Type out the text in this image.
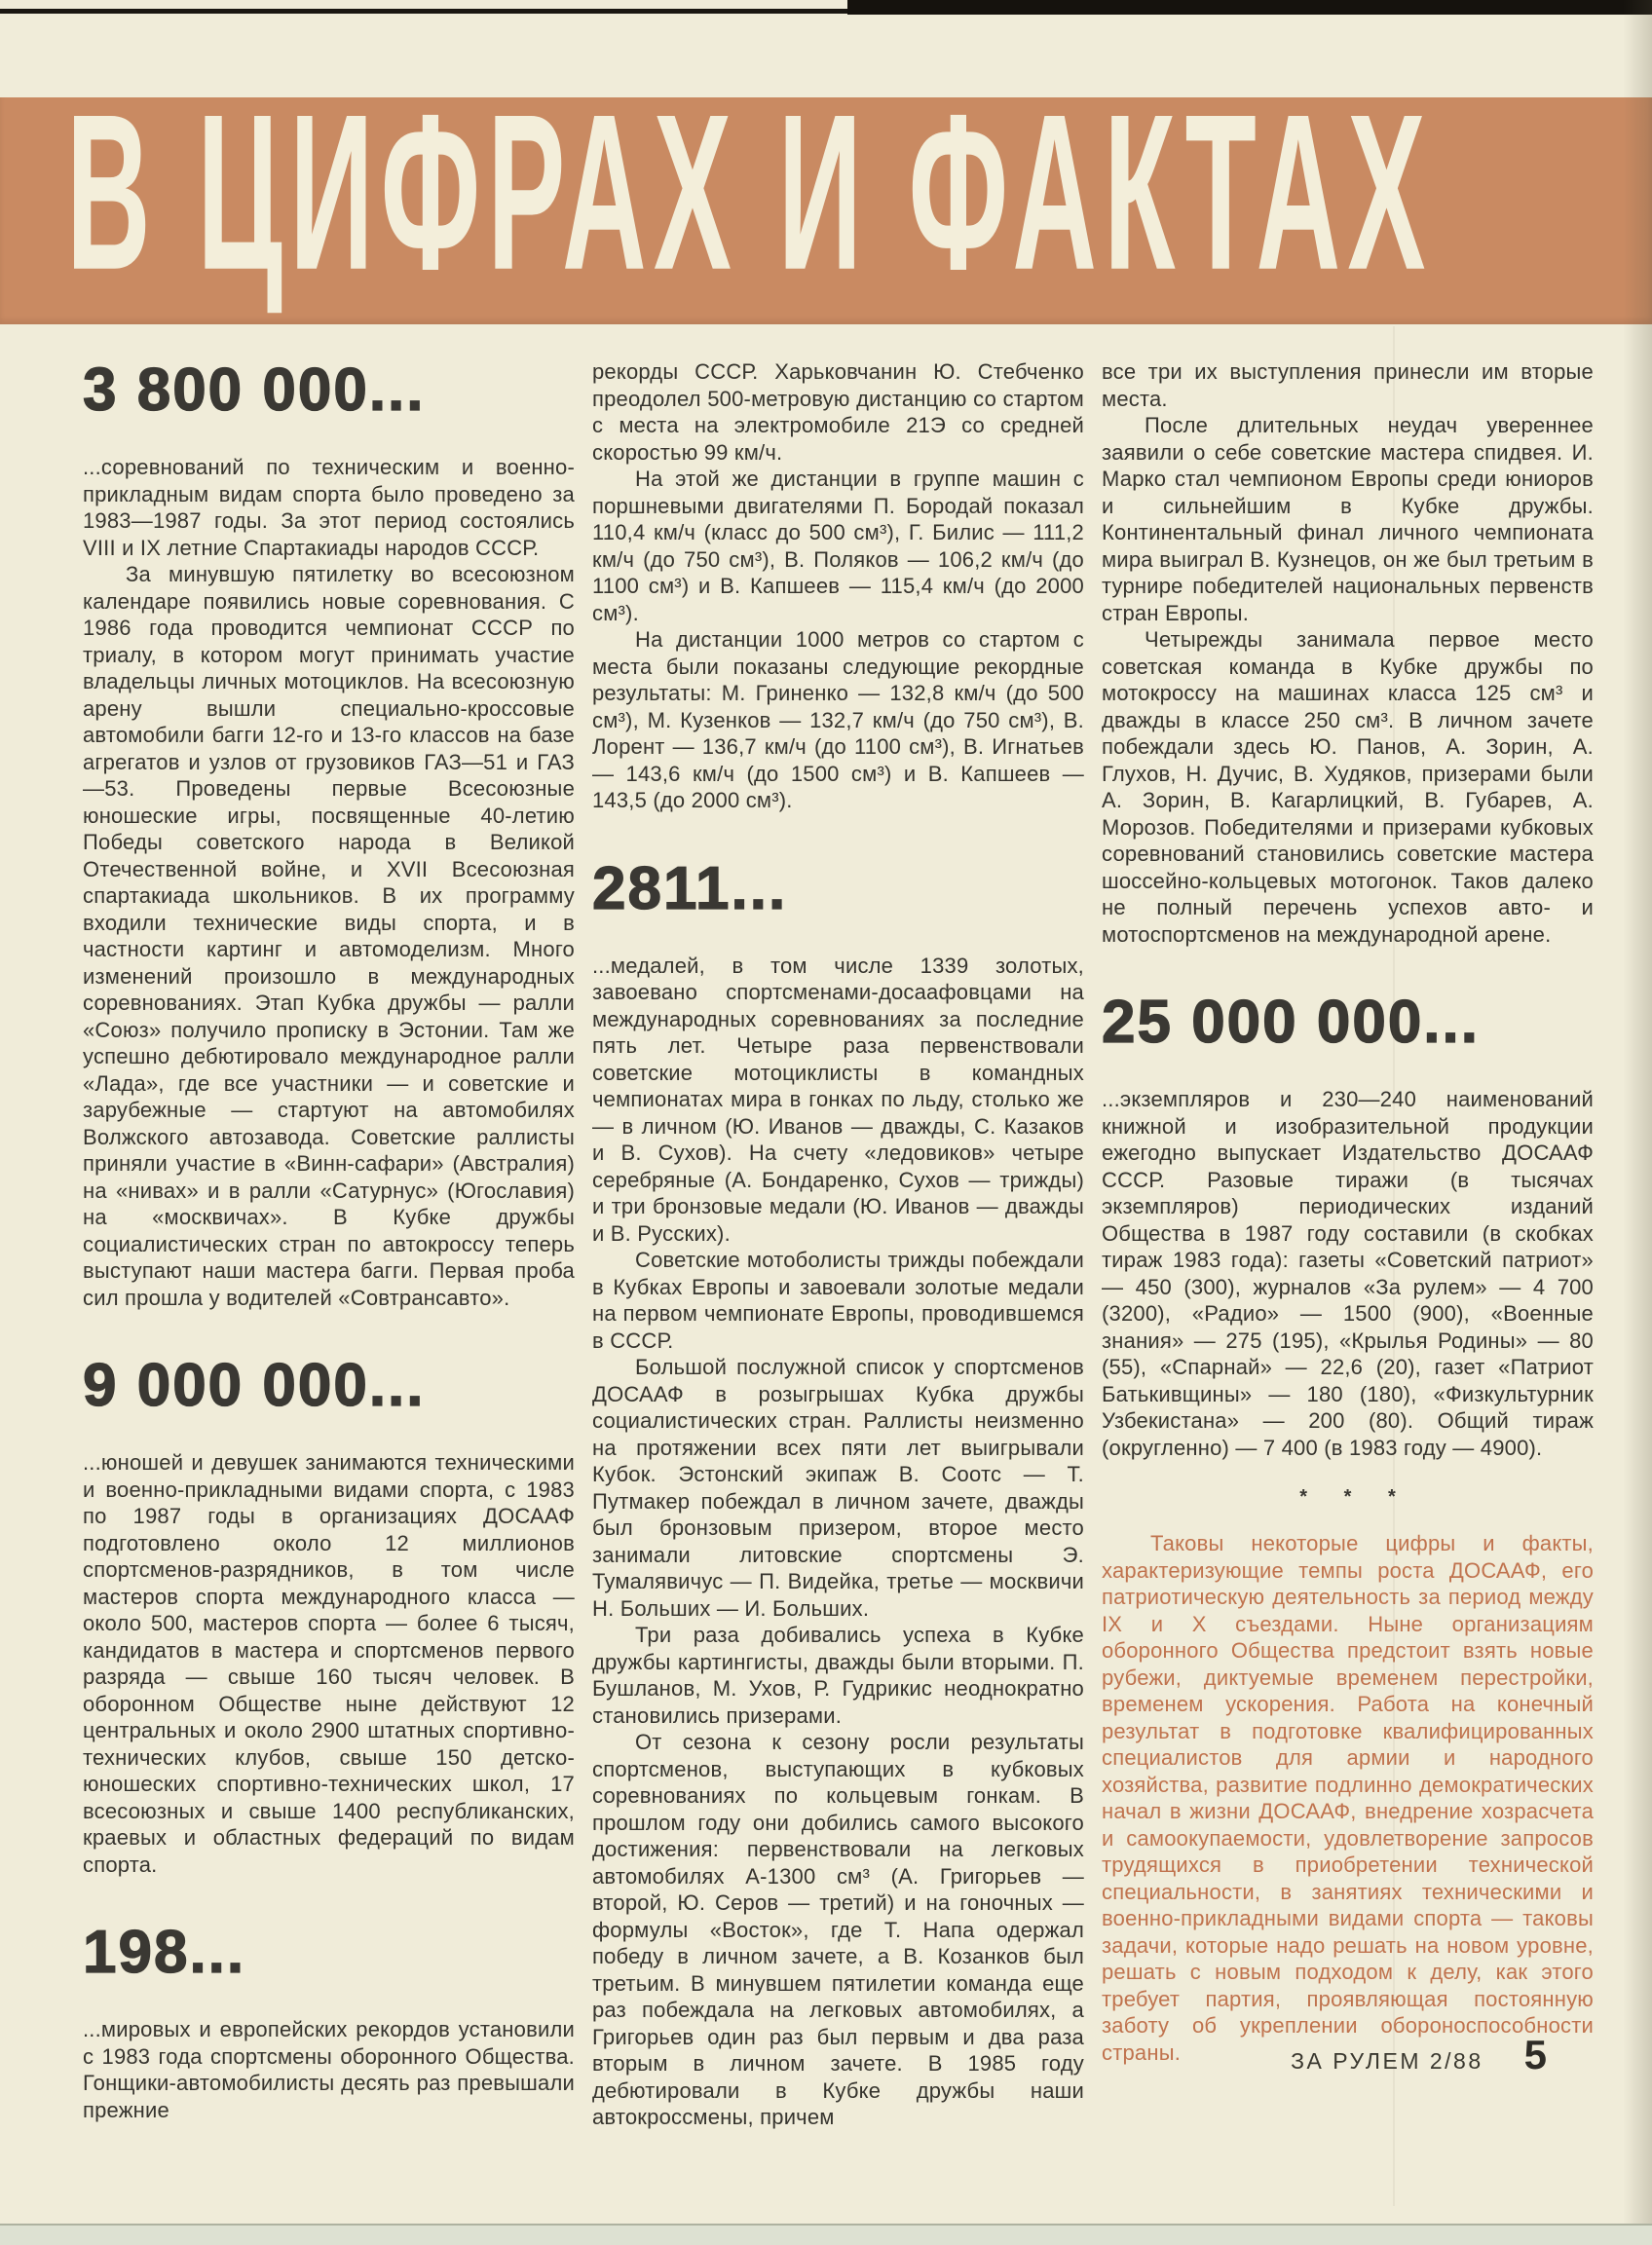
В ЦИФРАХ И ФАКТАХ
3 800 000...

...соревнований по техническим и военно-прикладным видам спорта было проведено за 1983—1987 годы. За этот период состоялись VIII и IX летние Спартакиады народов СССР.

За минувшую пятилетку во всесоюзном календаре появились новые соревнования. С 1986 года проводится чемпионат СССР по триалу, в котором могут принимать участие владельцы личных мотоциклов. На всесоюзную арену вышли специально-кроссовые автомобили багги 12-го и 13-го классов на базе агрегатов и узлов от грузовиков ГАЗ—51 и ГАЗ—53. Проведены первые Всесоюзные юношеские игры, посвященные 40-летию Победы советского народа в Великой Отечественной войне, и XVII Всесоюзная спартакиада школьников. В их программу входили технические виды спорта, и в частности картинг и автомоделизм. Много изменений произошло в международных соревнованиях. Этап Кубка дружбы — ралли «Союз» получило прописку в Эстонии. Там же успешно дебютировало международное ралли «Лада», где все участники — и советские и зарубежные — стартуют на автомобилях Волжского автозавода. Советские раллисты приняли участие в «Винн-сафари» (Австралия) на «нивах» и в ралли «Сатурнус» (Югославия) на «москвичах». В Кубке дружбы социалистических стран по автокроссу теперь выступают наши мастера багги. Первая проба сил прошла у водителей «Совтрансавто».

9 000 000...

...юношей и девушек занимаются техническими и военно-прикладными видами спорта, с 1983 по 1987 годы в организациях ДОСААФ подготовлено около 12 миллионов спортсменов-разрядников, в том числе мастеров спорта международного класса — около 500, мастеров спорта — более 6 тысяч, кандидатов в мастера и спортсменов первого разряда — свыше 160 тысяч человек. В оборонном Обществе ныне действуют 12 центральных и около 2900 штатных спортивно-технических клубов, свыше 150 детско-юношеских спортивно-технических школ, 17 всесоюзных и свыше 1400 республиканских, краевых и областных федераций по видам спорта.

198...

...мировых и европейских рекордов установили с 1983 года спортсмены оборонного Общества. Гонщики-автомобилисты десять раз превышали прежние

рекорды СССР. Харьковчанин Ю. Стебченко преодолел 500-метровую дистанцию со стартом с места на электромобиле 21Э со средней скоростью 99 км/ч.

На этой же дистанции в группе машин с поршневыми двигателями П. Бородай показал 110,4 км/ч (класс до 500 см³), Г. Билис — 111,2 км/ч (до 750 см³), В. Поляков — 106,2 км/ч (до 1100 см³) и В. Капшеев — 115,4 км/ч (до 2000 см³).

На дистанции 1000 метров со стартом с места были показаны следующие рекордные результаты: М. Гриненко — 132,8 км/ч (до 500 см³), М. Кузенков — 132,7 км/ч (до 750 см³), В. Лорент — 136,7 км/ч (до 1100 см³), В. Игнатьев — 143,6 км/ч (до 1500 см³) и В. Капшеев — 143,5 (до 2000 см³).

2811...

...медалей, в том числе 1339 золотых, завоевано спортсменами-досаафовцами на международных соревнованиях за последние пять лет. Четыре раза первенствовали советские мотоциклисты в командных чемпионатах мира в гонках по льду, столько же — в личном (Ю. Иванов — дважды, С. Казаков и В. Сухов). На счету «ледовиков» четыре серебряные (А. Бондаренко, Сухов — трижды) и три бронзовые медали (Ю. Иванов — дважды и В. Русских).

Советские мотоболисты трижды побеждали в Кубках Европы и завоевали золотые медали на первом чемпионате Европы, проводившемся в СССР.

Большой послужной список у спортсменов ДОСААФ в розыгрышах Кубка дружбы социалистических стран. Раллисты неизменно на протяжении всех пяти лет выигрывали Кубок. Эстонский экипаж В. Соотс — Т. Путмакер побеждал в личном зачете, дважды был бронзовым призером, второе место занимали литовские спортсмены Э. Тумалявичус — П. Видейка, третье — москвичи Н. Больших — И. Больших.

Три раза добивались успеха в Кубке дружбы картингисты, дважды были вторыми. П. Бушланов, М. Ухов, Р. Гудрикис неоднократно становились призерами.

От сезона к сезону росли результаты спортсменов, выступающих в кубковых соревнованиях по кольцевым гонкам. В прошлом году они добились самого высокого достижения: первенствовали на легковых автомобилях А-1300 см³ (А. Григорьев — второй, Ю. Серов — третий) и на гоночных — формулы «Восток», где Т. Напа одержал победу в личном зачете, а В. Козанков был третьим. В минувшем пятилетии команда еще раз побеждала на легковых автомобилях, а Григорьев один раз был первым и два раза вторым в личном зачете. В 1985 году дебютировали в Кубке дружбы наши автокроссмены, причем

все три их выступления принесли им вторые места.

После длительных неудач увереннее заявили о себе советские мастера спидвея. И. Марко стал чемпионом Европы среди юниоров и сильнейшим в Кубке дружбы. Континентальный финал личного чемпионата мира выиграл В. Кузнецов, он же был третьим в турнире победителей национальных первенств стран Европы.

Четырежды занимала первое место советская команда в Кубке дружбы по мотокроссу на машинах класса 125 см³ и дважды в классе 250 см³. В личном зачете побеждали здесь Ю. Панов, А. Зорин, А. Глухов, Н. Дучис, В. Худяков, призерами были А. Зорин, В. Кагарлицкий, В. Губарев, А. Морозов. Победителями и призерами кубковых соревнований становились советские мастера шоссейно-кольцевых мотогонок. Таков далеко не полный перечень успехов авто- и мотоспортсменов на международной арене.

25 000 000...

...экземпляров и 230—240 наименований книжной и изобразительной продукции ежегодно выпускает Издательство ДОСААФ СССР. Разовые тиражи (в тысячах экземпляров) периодических изданий Общества в 1987 году составили (в скобках тираж 1983 года): газеты «Советский патриот» — 450 (300), журналов «За рулем» — 4 700 (3200), «Радио» — 1500 (900), «Военные знания» — 275 (195), «Крылья Родины» — 80 (55), «Спарнай» — 22,6 (20), газет «Патриот Батькивщины» — 180 (180), «Физкультурник Узбекистана» — 200 (80). Общий тираж (округленно) — 7 400 (в 1983 году — 4900).

* * *

Таковы некоторые цифры и факты, характеризующие темпы роста ДОСААФ, его патриотическую деятельность за период между IX и X съездами. Ныне организациям оборонного Общества предстоит взять новые рубежи, диктуемые временем перестройки, временем ускорения. Работа на конечный результат в подготовке квалифицированных специалистов для армии и народного хозяйства, развитие подлинно демократических начал в жизни ДОСААФ, внедрение хозрасчета и самоокупаемости, удовлетворение запросов трудящихся в приобретении технической специальности, в занятиях техническими и военно-прикладными видами спорта — таковы задачи, которые надо решать на новом уровне, решать с новым подходом к делу, как этого требует партия, проявляющая постоянную заботу об укреплении обороноспособности страны.	ЗА РУЛЕМ 2/88 5
